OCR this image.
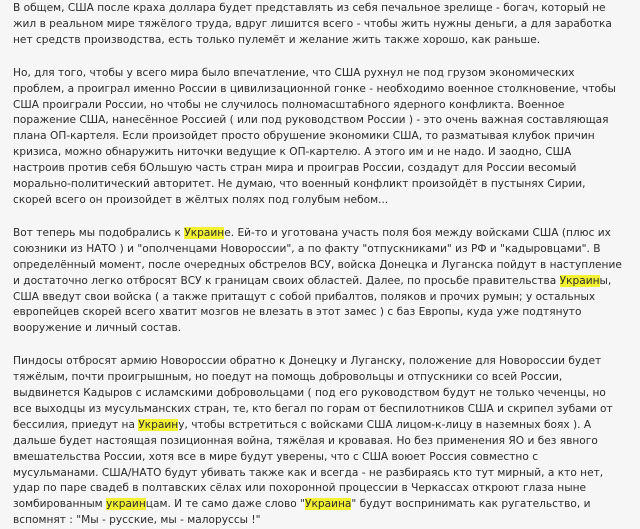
В общем, США после краха доллара будет представлять из себя печальное зрелище - богач, который не жил в реальном мире тяжёлого труда, вдруг лишится всего - чтобы жить нужны деньги, а для заработка нет средств производства, есть только пулемёт и желание жить также хорошо, как раньше.

Но, для того, чтобы у всего мира было впечатление, что США рухнул не под грузом экономических проблем, а проиграл именно России в цивилизационной гонке - необходимо военное столкновение, чтобы США проиграли России, но чтобы не случилось полномасштабного ядерного конфликта. Военное поражение США, нанесённое Россией ( или под руководством России ) - это очень важная составляющая плана ОП-картеля. Если произойдет просто обрушение экономики США, то разматывая клубок причин кризиса, можно обнаружить ниточки ведущие к ОП-картелю. А этого им и не надо. И заодно, США настроив против себя бОльшую часть стран мира и проиграв России, создадут для России весомый морально-политический авторитет. Не думаю, что военный конфликт произойдёт в пустынях Сирии, скорей всего он произойдет в жёлтых полях под голубым небом...

Вот теперь мы подобрались к Украине. Ей-то и уготована участь поля боя между войсками США (плюс их союзники из НАТО ) и "ополченцами Новороссии", а по факту "отпускниками" из РФ и "кадыровцами". В определённый момент, после очередных обстрелов ВСУ, войска Донецка и Луганска пойдут в наступление и достаточно легко отбросят ВСУ к границам своих областей. Далее, по просьбе правительства Украины, США введут свои войска ( а также притащут с собой прибалтов, поляков и прочих румын; у остальных европейцев скорей всего хватит мозгов не влезать в этот замес ) с баз Европы, куда уже подтянуто вооружение и личный состав.

Пиндосы отбросят армию Новороссии обратно к Донецку и Луганску, положение для Новороссии будет тяжёлым, почти проигрышным, но поедут на помощь добровольцы и отпускники со всей России, выдвинется Кадыров с исламскими добровольцами ( под его руководством будут не только чеченцы, но все выходцы из мусульманских стран, те, кто бегал по горам от беспилотников США и скрипел зубами от бессилия, приедут на Украину, чтобы встретиться с войсками США лицом-к-лицу в наземных боях ). А дальше будет настоящая позиционная война, тяжёлая и кровавая. Но без применения ЯО и без явного вмешательства России, хотя все в мире будут уверены, что с США воюет Россия совместно с мусульманами. США/НАТО будут убивать также как и всегда - не разбираясь кто тут мирный, а кто нет, удар по паре свадеб в полтавских сёлах или похоронной процессии в Черкассах откроют глаза ныне зомбированным украинцам. И те само даже слово "Украина" будут воспринимать как ругательство, и вспомнят : "Мы - русские, мы - малоруссы !"
